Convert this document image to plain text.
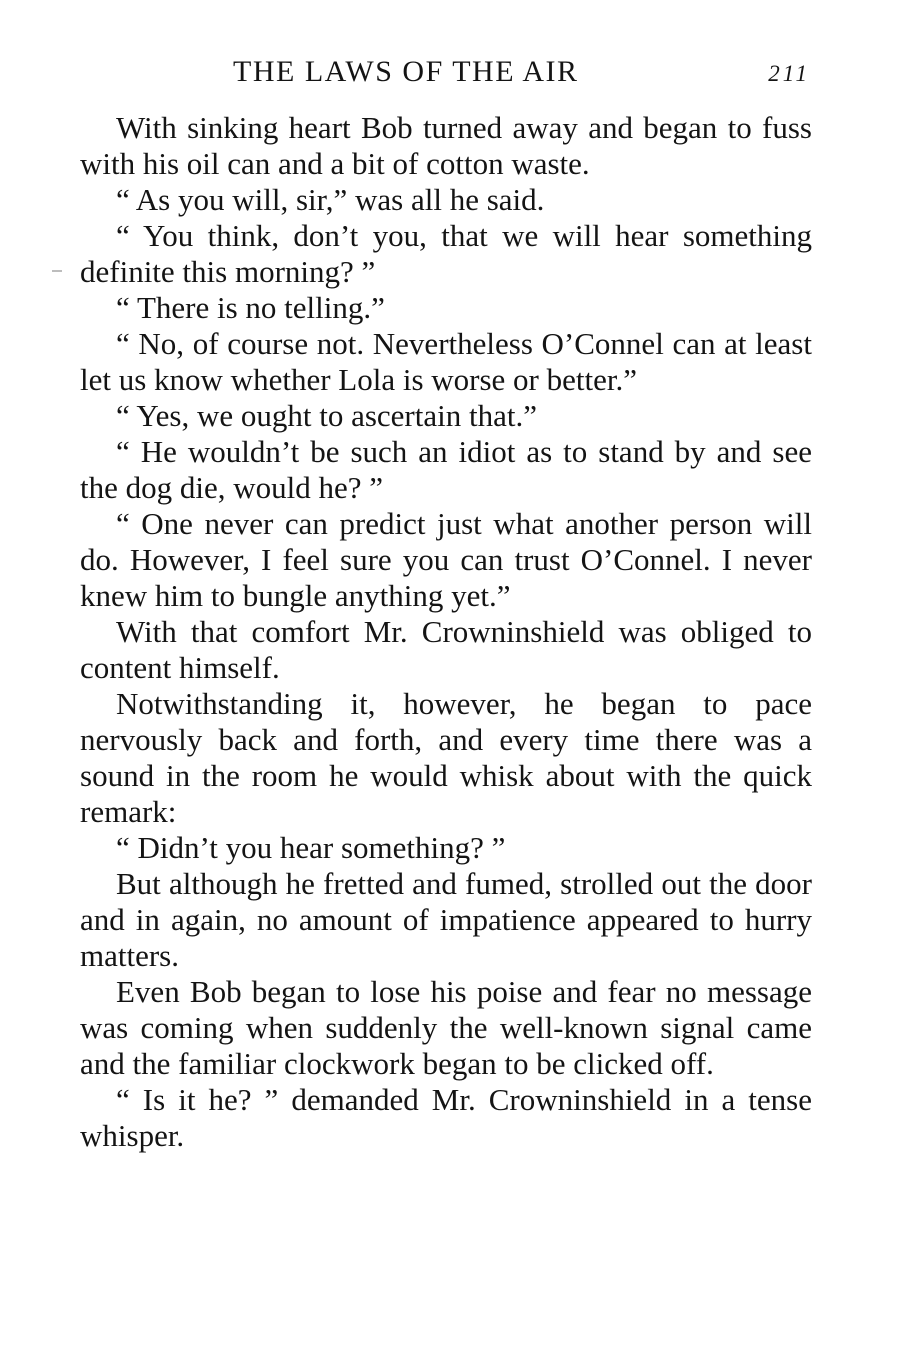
THE LAWS OF THE AIR	211

With sinking heart Bob turned away and began to fuss with his oil can and a bit of cotton waste.

“ As you will, sir,” was all he said.

“ You think, don’t you, that we will hear something definite this morning? ”

“ There is no telling.”

“ No, of course not. Nevertheless O’Connel can at least let us know whether Lola is worse or better.”

“ Yes, we ought to ascertain that.”

“ He wouldn’t be such an idiot as to stand by and see the dog die, would he? ”

“ One never can predict just what another person will do. However, I feel sure you can trust O’Connel. I never knew him to bungle anything yet.”

With that comfort Mr. Crowninshield was obliged to content himself.

Notwithstanding it, however, he began to pace nervously back and forth, and every time there was a sound in the room he would whisk about with the quick remark:

“ Didn’t you hear something? ”

But although he fretted and fumed, strolled out the door and in again, no amount of impatience appeared to hurry matters.

Even Bob began to lose his poise and fear no message was coming when suddenly the well-known signal came and the familiar clockwork began to be clicked off.

“ Is it he? ” demanded Mr. Crowninshield in a tense whisper.
